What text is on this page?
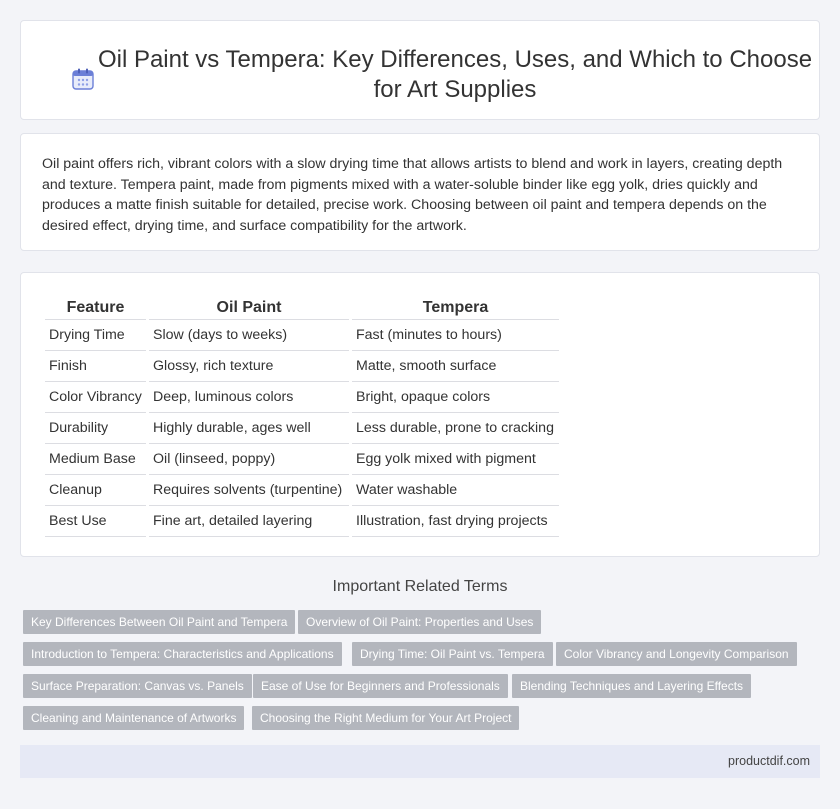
Oil Paint vs Tempera: Key Differences, Uses, and Which to Choose for Art Supplies

Oil paint offers rich, vibrant colors with a slow drying time that allows artists to blend and work in layers, creating depth and texture. Tempera paint, made from pigments mixed with a water-soluble binder like egg yolk, dries quickly and produces a matte finish suitable for detailed, precise work. Choosing between oil paint and tempera depends on the desired effect, drying time, and surface compatibility for the artwork.

Feature	Oil Paint	Tempera
Drying Time	Slow (days to weeks)	Fast (minutes to hours)
Finish	Glossy, rich texture	Matte, smooth surface
Color Vibrancy	Deep, luminous colors	Bright, opaque colors
Durability	Highly durable, ages well	Less durable, prone to cracking
Medium Base	Oil (linseed, poppy)	Egg yolk mixed with pigment
Cleanup	Requires solvents (turpentine)	Water washable
Best Use	Fine art, detailed layering	Illustration, fast drying projects
Important Related Terms
Key Differences Between Oil Paint and Tempera	Overview of Oil Paint: Properties and Uses
Introduction to Tempera: Characteristics and Applications	Drying Time: Oil Paint vs. Tempera	Color Vibrancy and Longevity Comparison
Surface Preparation: Canvas vs. Panels	Ease of Use for Beginners and Professionals	Blending Techniques and Layering Effects
Cleaning and Maintenance of Artworks	Choosing the Right Medium for Your Art Project
productdif.com
